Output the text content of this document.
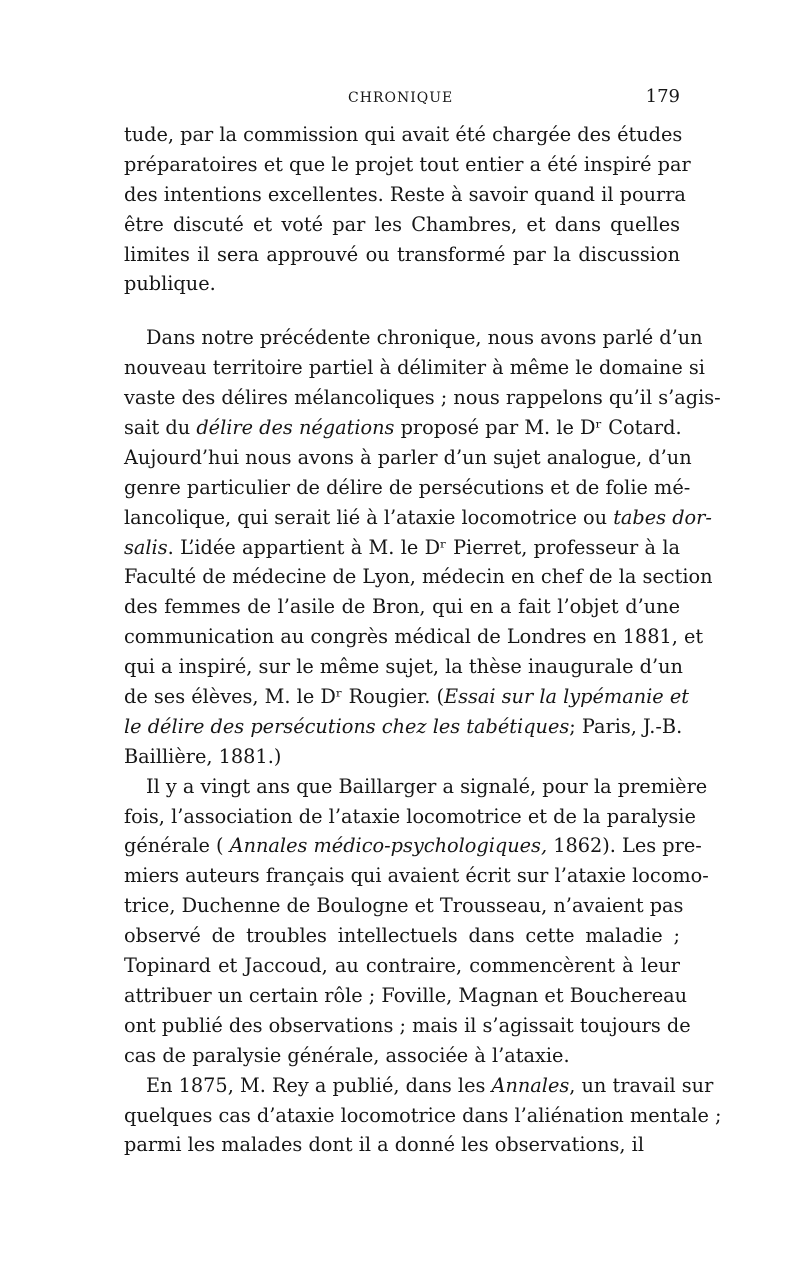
CHRONIQUE	179
tude, par la commission qui avait été chargée des études
préparatoires et que le projet tout entier a été inspiré par
des intentions excellentes. Reste à savoir quand il pourra
être discuté et voté par les Chambres, et dans quelles
limites il sera approuvé ou transformé par la discussion
publique.
Dans notre précédente chronique, nous avons parlé d’un
nouveau territoire partiel à délimiter à même le domaine si
vaste des délires mélancoliques ; nous rappelons qu’il s’agis-
sait du délire des négations proposé par M. le Dʳ Cotard.
Aujourd’hui nous avons à parler d’un sujet analogue, d’un
genre particulier de délire de persécutions et de folie mé-
lancolique, qui serait lié à l’ataxie locomotrice ou tabes dor-
salis. L’idée appartient à M. le Dʳ Pierret, professeur à la
Faculté de médecine de Lyon, médecin en chef de la section
des femmes de l’asile de Bron, qui en a fait l’objet d’une
communication au congrès médical de Londres en 1881, et
qui a inspiré, sur le même sujet, la thèse inaugurale d’un
de ses élèves, M. le Dʳ Rougier. (Essai sur la lypémanie et
le délire des persécutions chez les tabétiques; Paris, J.-B.
Baillière, 1881.)
Il y a vingt ans que Baillarger a signalé, pour la première
fois, l’association de l’ataxie locomotrice et de la paralysie
générale ( Annales médico-psychologiques, 1862). Les pre-
miers auteurs français qui avaient écrit sur l’ataxie locomo-
trice, Duchenne de Boulogne et Trousseau, n’avaient pas
observé de troubles intellectuels dans cette maladie ;
Topinard et Jaccoud, au contraire, commencèrent à leur
attribuer un certain rôle ; Foville, Magnan et Bouchereau
ont publié des observations ; mais il s’agissait toujours de
cas de paralysie générale, associée à l’ataxie.
En 1875, M. Rey a publié, dans les Annales, un travail sur
quelques cas d’ataxie locomotrice dans l’aliénation mentale ;
parmi les malades dont il a donné les observations, il
